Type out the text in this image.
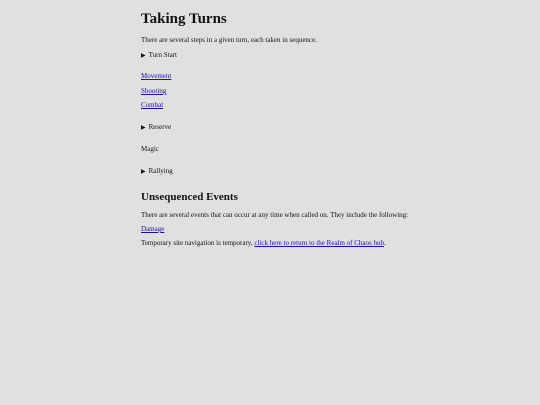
Taking Turns
There are several steps in a given turn, each taken in sequence.
▶ Turn Start
Movement
Shooting
Combat
▶ Reserve
Magic
▶ Rallying
Unsequenced Events
There are several events that can occur at any time when called on. They include the following:
Damage
Temporary site navigation is temporary, click here to return to the Realm of Chaos hub.
